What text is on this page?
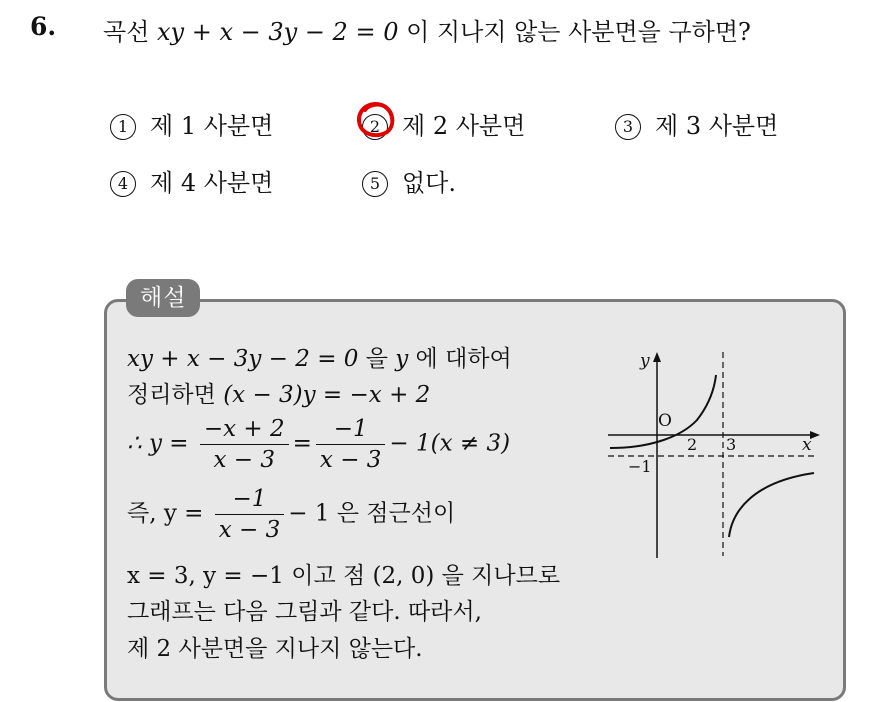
6. 곡선 xy + x − 3y − 2 = 0 이 지나지 않는 사분면을 구하면?
1 제 1 사분면	2 제 2 사분면	3 제 3 사분면
4 제 4 사분면	5 없다.
해설
xy + x − 3y − 2 = 0 을 y 에 대하여
정리하면 (x − 3)y = −x + 2
∴ $y = \frac{-x + 2}{x - 3} = \frac{-1}{x - 3} - 1(x \ne 3)$
즉, $y = \frac{-1}{x - 3} - 1$ 은 점근선이
x = 3, y = −1 이고 점 (2, 0) 을 지나므로
그래프는 다음 그림과 같다. 따라서,
제 2 사분면을 지나지 않는다.
y
x
O
2 3
−1
